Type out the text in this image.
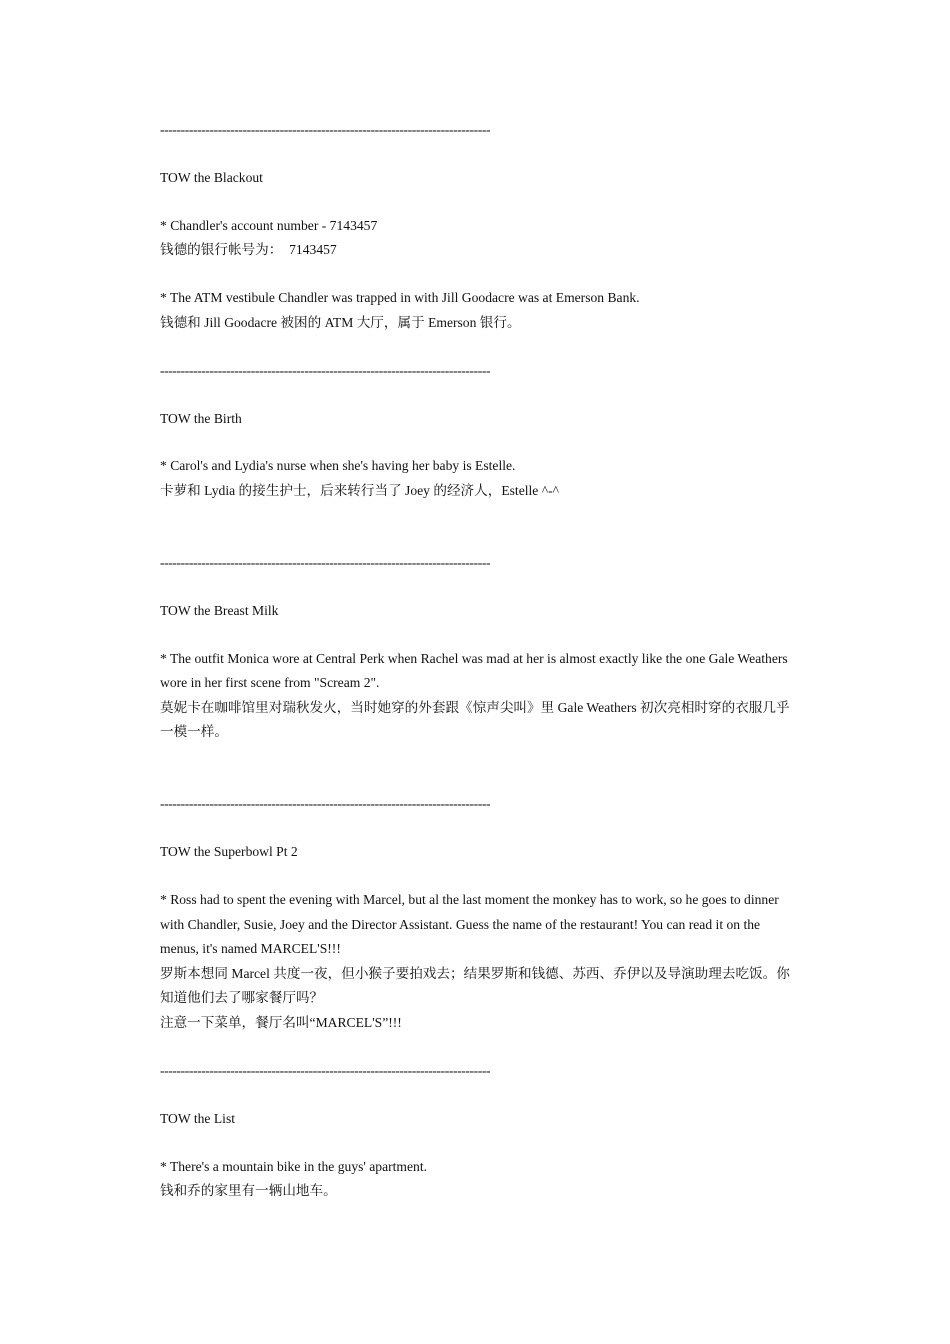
--------------------------------------------------------------------------------
TOW the Blackout
* Chandler's account number - 7143457
钱德的银行帐号为：  7143457
* The ATM vestibule Chandler was trapped in with Jill Goodacre was at Emerson Bank.
钱德和 Jill Goodacre 被困的 ATM 大厅，属于 Emerson 银行。
--------------------------------------------------------------------------------
TOW the Birth
* Carol's and Lydia's nurse when she's having her baby is Estelle.
卡萝和 Lydia 的接生护士，后来转行当了 Joey 的经济人，Estelle ^-^
--------------------------------------------------------------------------------
TOW the Breast Milk
* The outfit Monica wore at Central Perk when Rachel was mad at her is almost exactly like the one Gale Weathers wore in her first scene from "Scream 2".
莫妮卡在咖啡馆里对瑞秋发火，当时她穿的外套跟《惊声尖叫》里 Gale Weathers 初次亮相时穿的衣服几乎一模一样。
--------------------------------------------------------------------------------
TOW the Superbowl Pt 2
* Ross had to spent the evening with Marcel, but al the last moment the monkey has to work, so he goes to dinner with Chandler, Susie, Joey and the Director Assistant. Guess the name of the restaurant! You can read it on the menus, it's named MARCEL'S!!!
罗斯本想同 Marcel 共度一夜，但小猴子要拍戏去；结果罗斯和钱德、苏西、乔伊以及导演助理去吃饭。你知道他们去了哪家餐厅吗？
注意一下菜单，餐厅名叫“MARCEL'S”!!!
--------------------------------------------------------------------------------
TOW the List
* There's a mountain bike in the guys' apartment.
钱和乔的家里有一辆山地车。
